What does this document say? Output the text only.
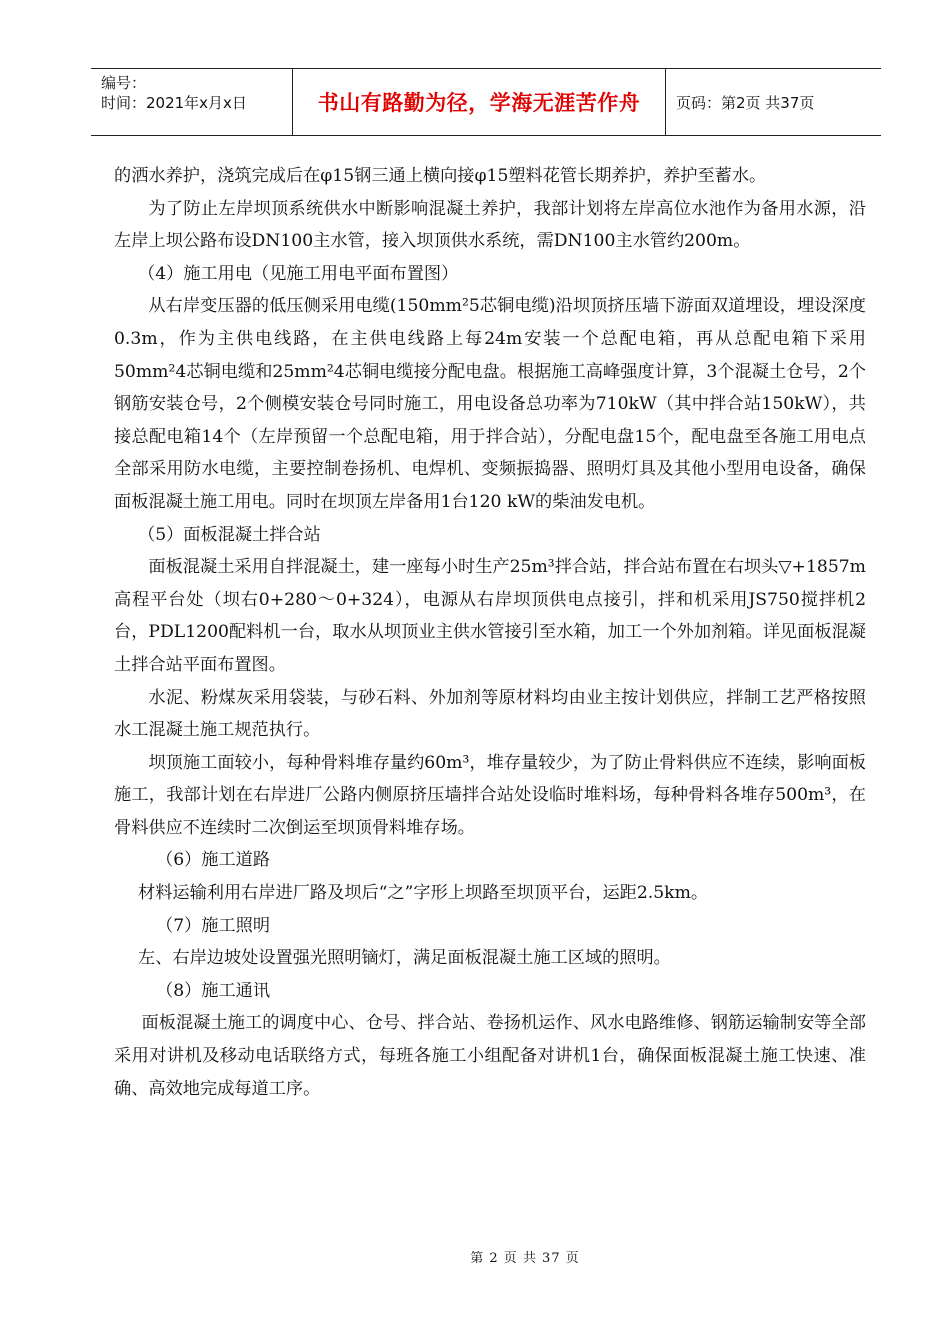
编号：
时间：2021年x月x日	书山有路勤为径，学海无涯苦作舟	页码：第2页 共37页

的洒水养护，浇筑完成后在φ15钢三通上横向接φ15塑料花管长期养护，养护至蓄水。

为了防止左岸坝顶系统供水中断影响混凝土养护，我部计划将左岸高位水池作为备用水源，沿左岸上坝公路布设DN100主水管，接入坝顶供水系统，需DN100主水管约200m。

（4）施工用电（见施工用电平面布置图）

从右岸变压器的低压侧采用电缆(150mm²5芯铜电缆)沿坝顶挤压墙下游面双道埋设，埋设深度0.3m，作为主供电线路，在主供电线路上每24m安装一个总配电箱，再从总配电箱下采用50mm²4芯铜电缆和25mm²4芯铜电缆接分配电盘。根据施工高峰强度计算，3个混凝土仓号，2个钢筋安装仓号，2个侧模安装仓号同时施工，用电设备总功率为710kW（其中拌合站150kW），共接总配电箱14个（左岸预留一个总配电箱，用于拌合站），分配电盘15个，配电盘至各施工用电点全部采用防水电缆，主要控制卷扬机、电焊机、变频振捣器、照明灯具及其他小型用电设备，确保面板混凝土施工用电。同时在坝顶左岸备用1台120 kW的柴油发电机。

（5）面板混凝土拌合站

面板混凝土采用自拌混凝土，建一座每小时生产25m³拌合站，拌合站布置在右坝头▽+1857m高程平台处（坝右0+280～0+324），电源从右岸坝顶供电点接引，拌和机采用JS750搅拌机2台，PDL1200配料机一台，取水从坝顶业主供水管接引至水箱，加工一个外加剂箱。详见面板混凝土拌合站平面布置图。

水泥、粉煤灰采用袋装，与砂石料、外加剂等原材料均由业主按计划供应，拌制工艺严格按照水工混凝土施工规范执行。

坝顶施工面较小，每种骨料堆存量约60m³，堆存量较少，为了防止骨料供应不连续，影响面板施工，我部计划在右岸进厂公路内侧原挤压墙拌合站处设临时堆料场，每种骨料各堆存500m³，在骨料供应不连续时二次倒运至坝顶骨料堆存场。

（6）施工道路

材料运输利用右岸进厂路及坝后“之”字形上坝路至坝顶平台，运距2.5km。

（7）施工照明

左、右岸边坡处设置强光照明镝灯，满足面板混凝土施工区域的照明。

（8）施工通讯

面板混凝土施工的调度中心、仓号、拌合站、卷扬机运作、风水电路维修、钢筋运输制安等全部采用对讲机及移动电话联络方式，每班各施工小组配备对讲机1台，确保面板混凝土施工快速、准确、高效地完成每道工序。

第 2 页 共 37 页
